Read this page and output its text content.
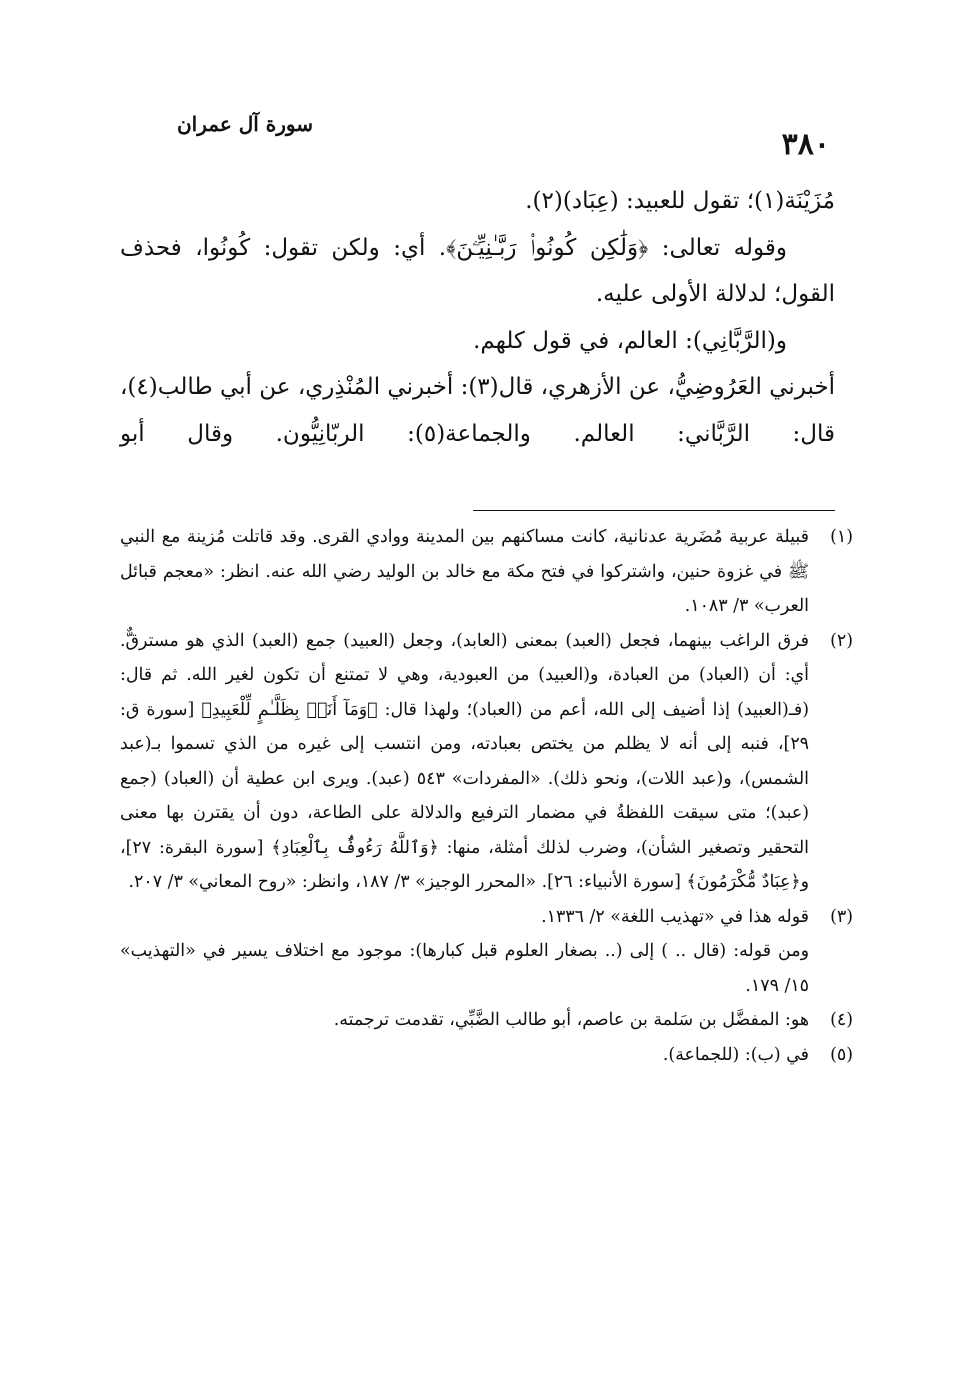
سورة آل عمران
٣٨٠

مُزَيْنَة(١)؛ تقول للعبيد: (عِبَاد)(٢).

وقوله تعالى: ﴿وَلَٰكِن كُونُوا۟ رَبَّـٰنِيِّـۧنَ﴾. أي: ولكن تقول: كُونُوا، فحذف القول؛ لدلالة الأولى عليه.

و(الرَّبَّانِي): العالم، في قول كلهم.

أخبرني العَرُوضِيُّ، عن الأزهري، قال(٣): أخبرني المُنْذِري، عن أبي طالب(٤)، قال: الرَّبَّاني: العالم. والجماعة(٥): الربّانِيُّون. وقال أبو

(١)
قبيلة عربية مُضَرية عدنانية، كانت مساكنهم بين المدينة ووادي القرى. وقد قاتلت مُزينة مع النبي ﷺ في غزوة حنين، واشتركوا في فتح مكة مع خالد بن الوليد رضي الله عنه. انظر: «معجم قبائل العرب» ٣/ ١٠٨٣.
(٢)
فرق الراغب بينهما، فجعل (العبد) بمعنى (العابد)، وجعل (العبيد) جمع (العبد) الذي هو مسترقٌّ. أي: أن (العباد) من العبادة، و(العبيد) من العبودية، وهي لا تمتنع أن تكون لغير الله. ثم قال: (فـ(العبيد) إذا أضيف إلى الله، أعم من (العباد)؛ ولهذا قال: ﴿وَمَآ أَنَا۠ بِظَلَّـٰمٍ لِّلْعَبِيدِ﴾ [سورة ق: ٢٩]، فنبه إلى أنه لا يظلم من يختص بعبادته، ومن انتسب إلى غيره من الذي تسموا بـ(عبد الشمس)، و(عبد اللات)، ونحو ذلك). «المفردات» ٥٤٣ (عبد). ويرى ابن عطية أن (العباد) (جمع (عبد)؛ متى سيقت اللفظةُ في مضمار الترفيع والدلالة على الطاعة، دون أن يقترن بها معنى التحقير وتصغير الشأن)، وضرب لذلك أمثلة، منها: ﴿وَٱللَّهُ رَءُوفٌۢ بِٱلْعِبَادِ﴾ [سورة البقرة: ٢٧]، و﴿عِبَادٌ مُّكْرَمُونَ﴾ [سورة الأنبياء: ٢٦]. «المحرر الوجيز» ٣/ ١٨٧، وانظر: «روح المعاني» ٣/ ٢٠٧.
(٣)
قوله هذا في «تهذيب اللغة» ٢/ ١٣٣٦.
ومن قوله: (قال .. ) إلى (.. بصغار العلوم قبل كبارها): موجود مع اختلاف يسير في «التهذيب» ١٥/ ١٧٩.
(٤)
هو: المفضَّل بن سَلمة بن عاصم، أبو طالب الضَّبِّي، تقدمت ترجمته.
(٥)
في (ب): (للجماعة).
